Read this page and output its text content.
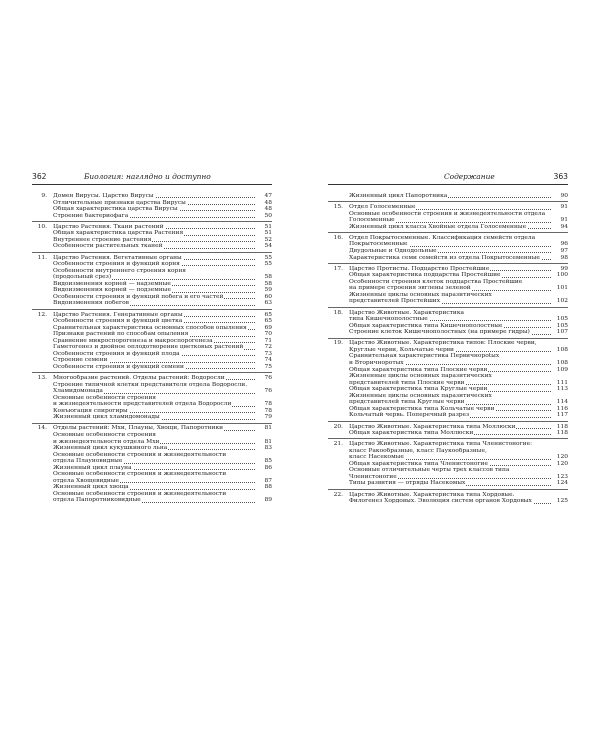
362	Биология: наглядно и доступно
9. Домен Вирусы. Царство Вирусы	47
Отличительные признаки царства Вирусы	48
Общая характеристика царства Вирусы	48
Строение бактериофага	50
10. Царство Растения. Ткани растений	51
Общая характеристика царства Растения	51
Внутреннее строение растения	52
Особенности растительных тканей	54
11. Царство Растения. Вегетативные органы	55
Особенности строения и функций корня	55
Особенности внутреннего строения корня
(продольный срез)	58
Видоизменения корней — надземные	58
Видоизменения корней — подземные	59
Особенности строения и функций побега и его частей	60
Видоизменения побегов	63
12. Царство Растения. Генеративные органы	65
Особенности строения и функций цветка	65
Сравнительная характеристика основных способов опыления	69
Признаки растений по способам опыления	70
Сравнение микроспорогенеза и макроспорогенеза	71
Гаметогенез и двойное оплодотворение цветковых растений	72
Особенности строения и функций плода	73
Строение семени	74
Особенности строения и функций семени	75
13. Многообразие растений. Отделы растений: Водоросли	76
Строение типичной клетки представителя отдела Водоросли.
Хламидомонада	76
Основные особенности строения
и жизнедеятельности представителей отдела Водоросли	78
Конъюгация спирогиры	78
Жизненный цикл хламидомонады	79
14. Отделы растений: Мхи, Плауны, Хвощи, Папоротники	81
Основные особенности строения
и жизнедеятельности отдела Мхи	81
Жизненный цикл кукушкиного льна	83
Основные особенности строения и жизнедеятельности
отдела Плауновидные	85
Жизненный цикл плауна	86
Основные особенности строения и жизнедеятельности
отдела Хвощевидные	87
Жизненный цикл хвоща	88
Основные особенности строения и жизнедеятельности
отдела Папоротниковидные	89
Содержание	363
Жизненный цикл Папоротника	90
15. Отдел Голосеменные	91
Основные особенности строения и жизнедеятельности отдела
Голосеменные	91
Жизненный цикл класса Хвойные отдела Голосеменные	94
16. Отдел Покрытосеменные. Классификация семейств отдела
Покрытосеменные	96
Двудольные и Однодольные	97
Характеристика семи семейств из отдела Покрытосеменные	98
17. Царство Протисты. Подцарство Простейшие	99
Общая характеристика подцарства Простейшие	100
Особенности строения клеток подцарства Простейшие
на примере строения эвглены зеленой	101
Жизненные циклы основных паразитических
представителей Простейших	102
18. Царство Животные. Характеристика
типа Кишечнополостные	105
Общая характеристика типа Кишечнополостные	105
Строение клеток Кишечнополостных (на примере гидры)	107
19. Царство Животные. Характеристика типов: Плоские черви,
Круглые черви, Кольчатые черви	108
Сравнительная характеристика Первичнорotых
и Вторичноротых	108
Общая характеристика типа Плоские черви	109
Жизненные циклы основных паразитических
представителей типа Плоские черви	111
Общая характеристика типа Круглые черви	113
Жизненные циклы основных паразитических
представителей типа Круглые черви	114
Общая характеристика типа Кольчатые черви	116
Кольчатый червь. Поперечный разрез	117
20. Царство Животные. Характеристика типа Моллюски	118
Общая характеристика типа Моллюски	118
21. Царство Животные. Характеристика типа Членистоногие:
класс Ракообразные, класс Паукообразные,
класс Насекомые	120
Общая характеристика типа Членистоногие	120
Основные отличительные черты трех классов типа
Членистоногие	123
Типы развития — отряды Насекомых	124
22. Царство Животные. Характеристика типа Хордовые.
Филогенез Хордовых. Эволюция систем органов Хордовых	125
